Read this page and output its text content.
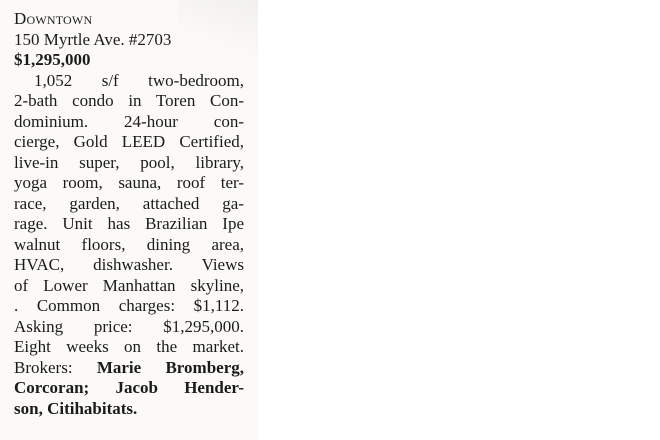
Downtown
150 Myrtle Ave. #2703
$1,295,000
1,052 s/f two-bedroom,
2-bath condo in Toren Con-
dominium. 24-hour con-
cierge, Gold LEED Certified,
live-in super, pool, library,
yoga room, sauna, roof ter-
race, garden, attached ga-
rage. Unit has Brazilian Ipe
walnut floors, dining area,
HVAC, dishwasher. Views
of Lower Manhattan skyline,
. Common charges: $1,112.
Asking price: $1,295,000.
Eight weeks on the market.
Brokers: Marie Bromberg,
Corcoran; Jacob Hender-
son, Citihabitats.
